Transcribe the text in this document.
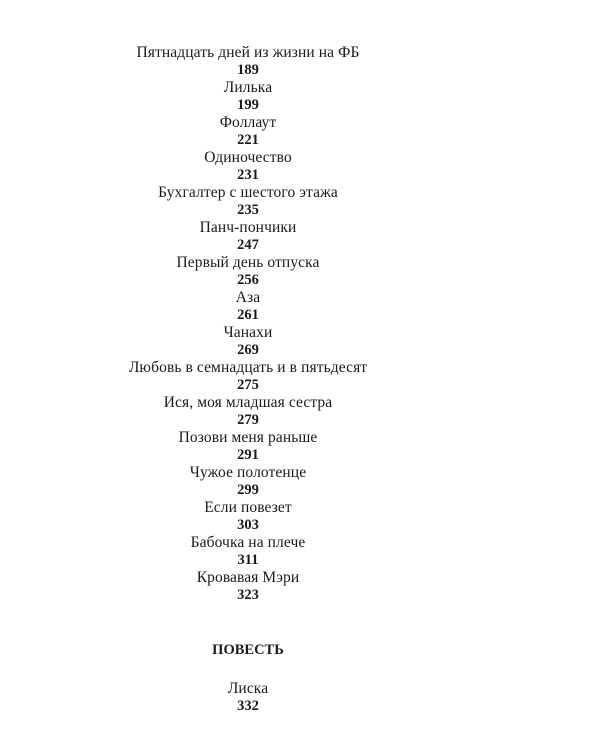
Пятнадцать дней из жизни на ФБ
189
Лилька
199
Фоллаут
221
Одиночество
231
Бухгалтер с шестого этажа
235
Панч-пончики
247
Первый день отпуска
256
Аза
261
Чанахи
269
Любовь в семнадцать и в пятьдесят
275
Ися, моя младшая сестра
279
Позови меня раньше
291
Чужое полотенце
299
Если повезет
303
Бабочка на плече
311
Кровавая Мэри
323
ПОВЕСТЬ
Лиска
332
